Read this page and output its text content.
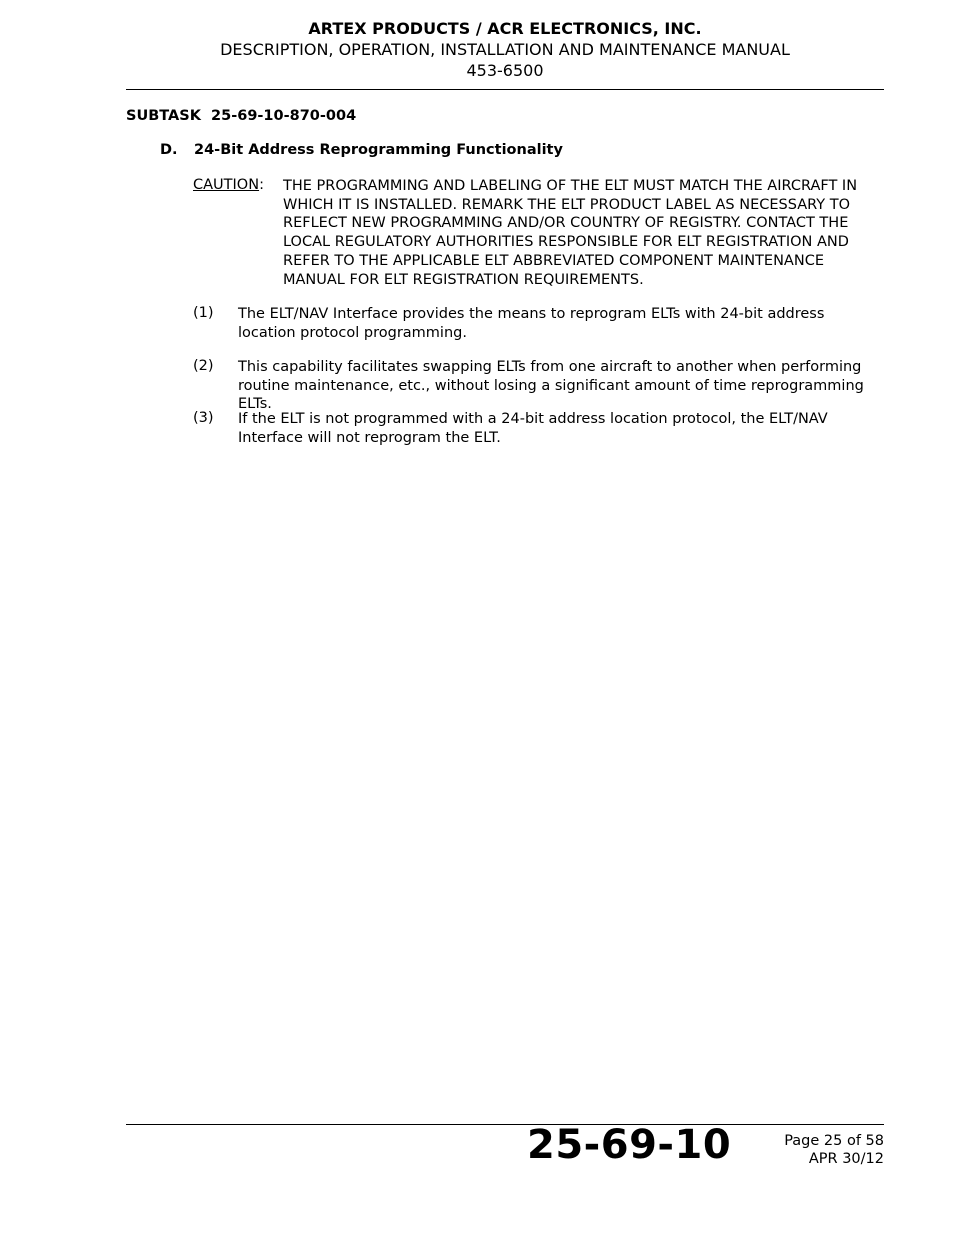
ARTEX PRODUCTS / ACR ELECTRONICS, INC.
DESCRIPTION, OPERATION, INSTALLATION AND MAINTENANCE MANUAL
453-6500
SUBTASK  25-69-10-870-004
D. 24-Bit Address Reprogramming Functionality
CAUTION: THE PROGRAMMING AND LABELING OF THE ELT MUST MATCH THE AIRCRAFT IN WHICH IT IS INSTALLED. REMARK THE ELT PRODUCT LABEL AS NECESSARY TO REFLECT NEW PROGRAMMING AND/OR COUNTRY OF REGISTRY. CONTACT THE LOCAL REGULATORY AUTHORITIES RESPONSIBLE FOR ELT REGISTRATION AND REFER TO THE APPLICABLE ELT ABBREVIATED COMPONENT MAINTENANCE MANUAL FOR ELT REGISTRATION REQUIREMENTS.
(1) The ELT/NAV Interface provides the means to reprogram ELTs with 24-bit address location protocol programming.
(2) This capability facilitates swapping ELTs from one aircraft to another when performing routine maintenance, etc., without losing a significant amount of time reprogramming ELTs.
(3) If the ELT is not programmed with a 24-bit address location protocol, the ELT/NAV Interface will not reprogram the ELT.
25-69-10	Page 25 of 58
APR 30/12
